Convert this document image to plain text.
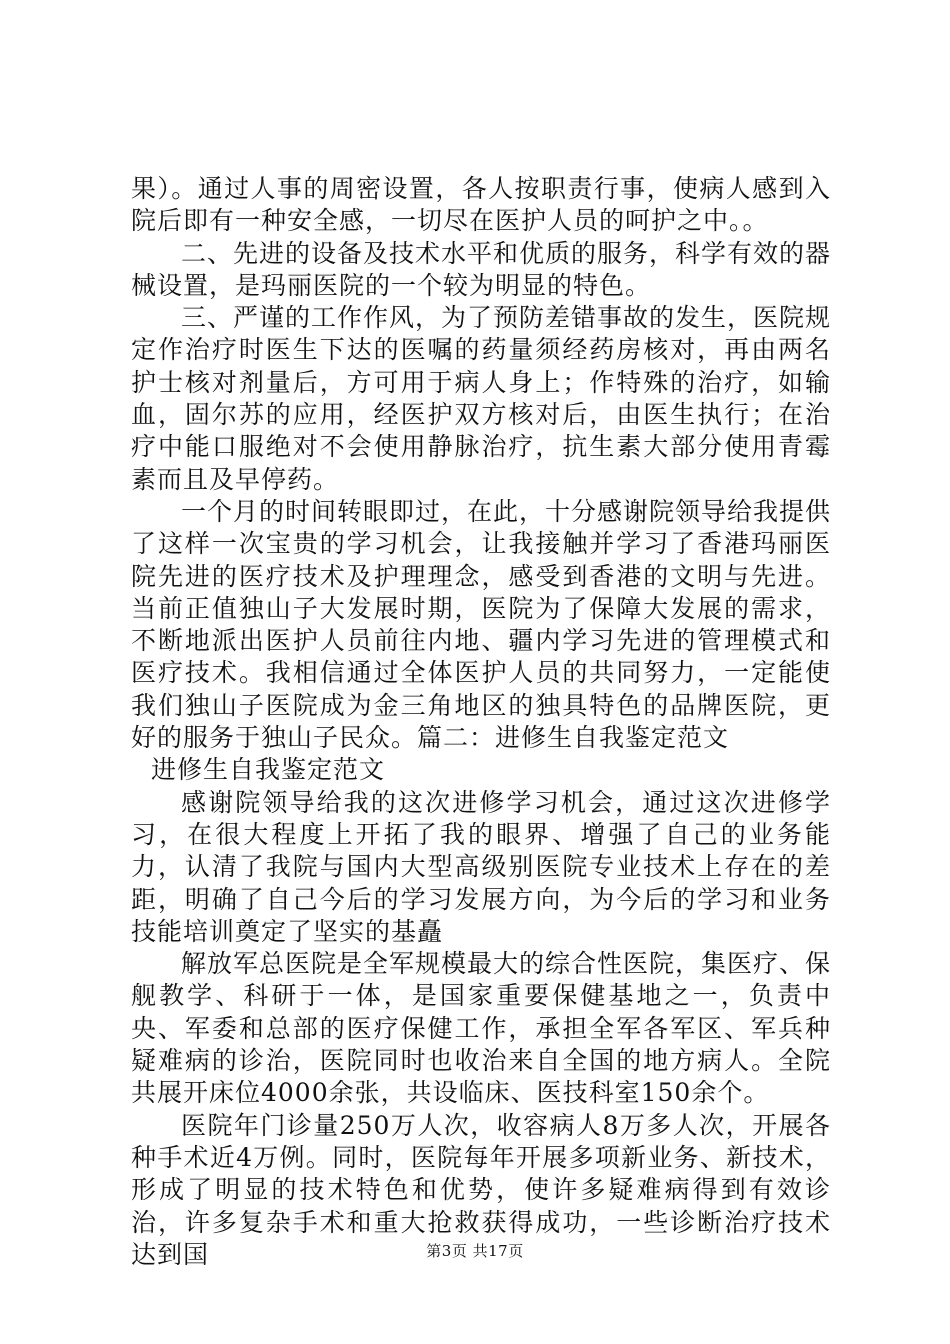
果）。通过人事的周密设置，各人按职责行事，使病人感到入院后即有一种安全感，一切尽在医护人员的呵护之中。。

二、先进的设备及技术水平和优质的服务，科学有效的器械设置，是玛丽医院的一个较为明显的特色。

三、严谨的工作作风，为了预防差错事故的发生，医院规定作治疗时医生下达的医嘱的药量须经药房核对，再由两名护士核对剂量后，方可用于病人身上；作特殊的治疗，如输血，固尔苏的应用，经医护双方核对后，由医生执行；在治疗中能口服绝对不会使用静脉治疗，抗生素大部分使用青霉素而且及早停药。

一个月的时间转眼即过，在此，十分感谢院领导给我提供了这样一次宝贵的学习机会，让我接触并学习了香港玛丽医院先进的医疗技术及护理理念，感受到香港的文明与先进。当前正值独山子大发展时期，医院为了保障大发展的需求，不断地派出医护人员前往内地、疆内学习先进的管理模式和医疗技术。我相信通过全体医护人员的共同努力，一定能使我们独山子医院成为金三角地区的独具特色的品牌医院，更好的服务于独山子民众。篇二：进修生自我鉴定范文

进修生自我鉴定范文

感谢院领导给我的这次进修学习机会，通过这次进修学习，在很大程度上开拓了我的眼界、增强了自己的业务能力，认清了我院与国内大型高级别医院专业技术上存在的差距，明确了自己今后的学习发展方向，为今后的学习和业务技能培训奠定了坚实的基矗

解放军总医院是全军规模最大的综合性医院，集医疗、保舰教学、科研于一体，是国家重要保健基地之一，负责中央、军委和总部的医疗保健工作，承担全军各军区、军兵种疑难病的诊治，医院同时也收治来自全国的地方病人。全院共展开床位4000余张，共设临床、医技科室150余个。

医院年门诊量250万人次，收容病人8万多人次，开展各种手术近4万例。同时，医院每年开展多项新业务、新技术，形成了明显的技术特色和优势，使许多疑难病得到有效诊治，许多复杂手术和重大抢救获得成功，一些诊断治疗技术达到国	第3页 共17页
